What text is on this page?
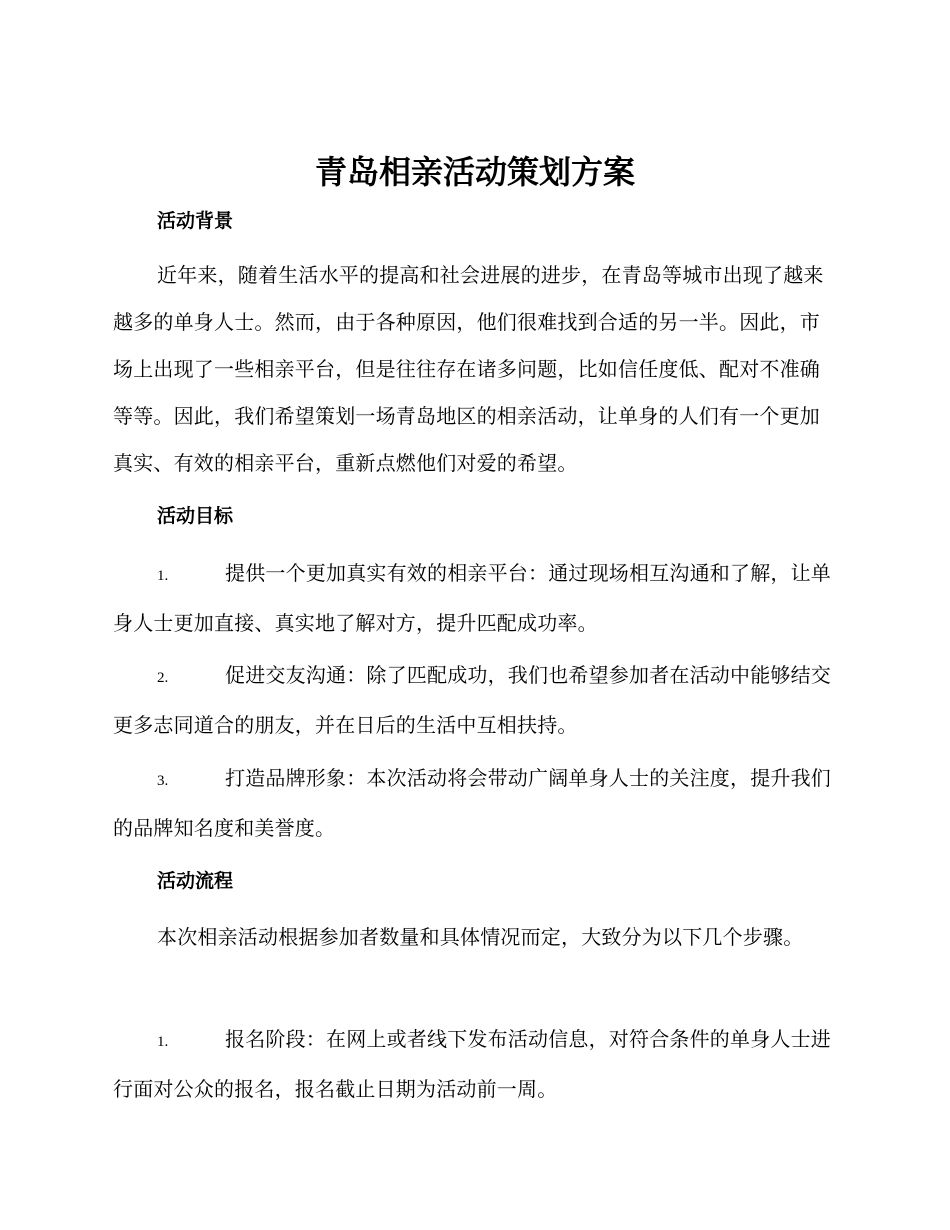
青岛相亲活动策划方案
活动背景

近年来，随着生活水平的提高和社会进展的进步，在青岛等城市出现了越来越多的单身人士。然而，由于各种原因，他们很难找到合适的另一半。因此，市场上出现了一些相亲平台，但是往往存在诸多问题，比如信任度低、配对不准确等等。因此，我们希望策划一场青岛地区的相亲活动，让单身的人们有一个更加真实、有效的相亲平台，重新点燃他们对爱的希望。

活动目标
1.	提供一个更加真实有效的相亲平台：通过现场相互沟通和了解，让单身人士更加直接、真实地了解对方，提升匹配成功率。
2.	促进交友沟通：除了匹配成功，我们也希望参加者在活动中能够结交更多志同道合的朋友，并在日后的生活中互相扶持。
3.	打造品牌形象：本次活动将会带动广阔单身人士的关注度，提升我们的品牌知名度和美誉度。
活动流程

本次相亲活动根据参加者数量和具体情况而定，大致分为以下几个步骤。

1.	报名阶段：在网上或者线下发布活动信息，对符合条件的单身人士进行面对公众的报名，报名截止日期为活动前一周。
